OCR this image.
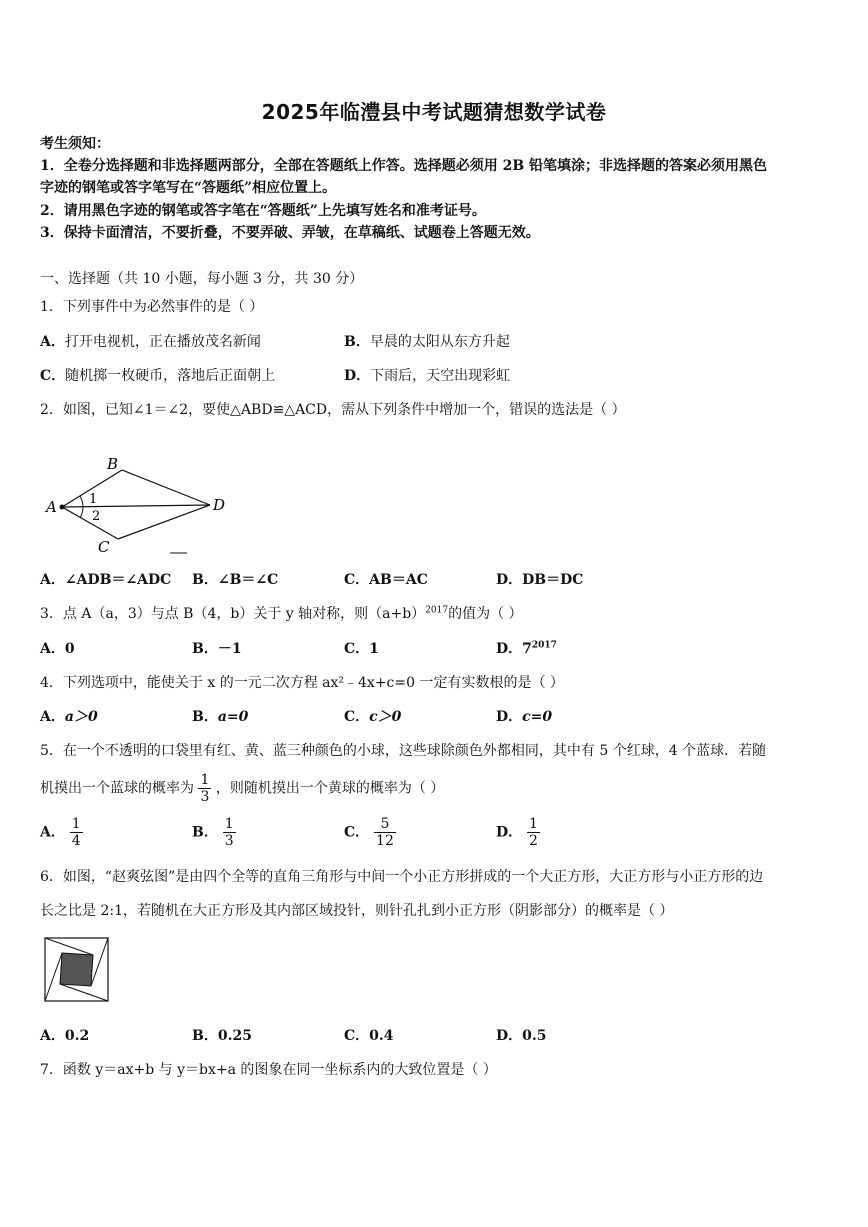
2025年临澧县中考试题猜想数学试卷
考生须知：
1．全卷分选择题和非选择题两部分，全部在答题纸上作答。选择题必须用 2B 铅笔填涂；非选择题的答案必须用黑色
字迹的钢笔或答字笔写在“答题纸”相应位置上。
2．请用黑色字迹的钢笔或答字笔在“答题纸”上先填写姓名和准考证号。
3．保持卡面清洁，不要折叠，不要弄破、弄皱，在草稿纸、试题卷上答题无效。
一、选择题（共 10 小题，每小题 3 分，共 30 分）
1．下列事件中为必然事件的是（ ）
A．打开电视机，正在播放茂名新闻	B．早晨的太阳从东方升起
C．随机掷一枚硬币，落地后正面朝上	D．下雨后，天空出现彩虹
2．如图，已知∠1＝∠2，要使△ABD≌△ACD，需从下列条件中增加一个，错误的选法是（ ）
A
B
C
D
1
2
A．∠ADB＝∠ADC B．∠B＝∠C	C．AB＝AC	D．DB＝DC
3．点 A（a，3）与点 B（4，b）关于 y 轴对称，则$(a+b)^{2017}$的值为（ ）
A．0	B．－1	C．1	D．$7^{2017}$
4．下列选项中，能使关于 x 的一元二次方程 ax²﹣4x+c=0 一定有实数根的是（ ）
A．a＞0	B．a=0	C．c＞0	D．c=0
5．在一个不透明的口袋里有红、黄、蓝三种颜色的小球，这些球除颜色外都相同，其中有 5 个红球，4 个蓝球．若随
机摸出一个蓝球的概率为 $\frac{1}{3}$ ，则随机摸出一个黄球的概率为（ ）
A． $\frac{1}{4}$	B． $\frac{1}{3}$	C． $\frac{5}{12}$	D． $\frac{1}{2}$
6．如图，“赵爽弦图”是由四个全等的直角三角形与中间一个小正方形拼成的一个大正方形，大正方形与小正方形的边
长之比是 2:1，若随机在大正方形及其内部区域投针，则针孔扎到小正方形（阴影部分）的概率是（ ）
A．0.2	B．0.25	C．0.4	D．0.5
7．函数 y＝ax+b 与 y＝bx+a 的图象在同一坐标系内的大致位置是（ ）
